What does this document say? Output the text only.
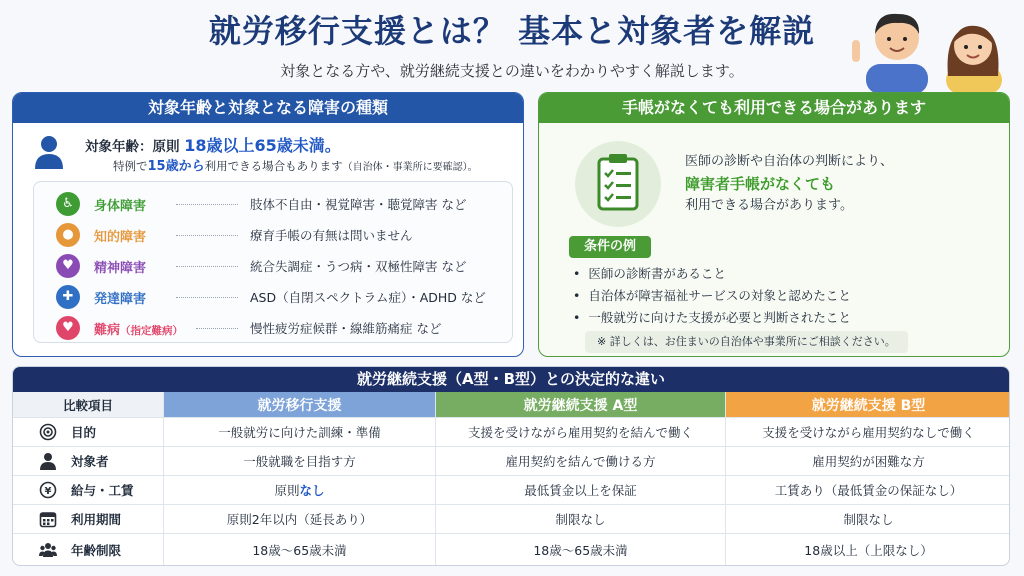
就労移行支援とは？ 基本と対象者を解説
対象となる方や、就労継続支援との違いをわかりやすく解説します。
対象年齢と対象となる障害の種類
対象年齢：原則 18歳以上65歳未満。
特例で15歳から利用できる場合もあります（自治体・事業所に要確認）。
♿	身体障害	肢体不自由・視覚障害・聴覚障害 など
●	知的障害	療育手帳の有無は問いません
♥	精神障害	統合失調症・うつ病・双極性障害 など
✚	発達障害	ASD（自閉スペクトラム症）・ADHD など
♥	難病（指定難病）	慢性疲労症候群・線維筋痛症 など
手帳がなくても利用できる場合があります
医師の診断や自治体の判断により、
障害者手帳がなくても
利用できる場合があります。
条件の例
• 医師の診断書があること
• 自治体が障害福祉サービスの対象と認めたこと
• 一般就労に向けた支援が必要と判断されたこと
※ 詳しくは、お住まいの自治体や事業所にご相談ください。
就労継続支援（A型・B型）との決定的な違い
比較項目	就労移行支援	就労継続支援 A型	就労継続支援 B型
目的	一般就労に向けた訓練・準備	支援を受けながら雇用契約を結んで働く	支援を受けながら雇用契約なしで働く
対象者	一般就職を目指す方	雇用契約を結んで働ける方	雇用契約が困難な方
¥ 給与・工賃	原則なし	最低賃金以上を保証	工賃あり（最低賃金の保証なし）
利用期間	原則2年以内（延長あり）	制限なし	制限なし
年齢制限	18歳〜65歳未満	18歳〜65歳未満	18歳以上（上限なし）
